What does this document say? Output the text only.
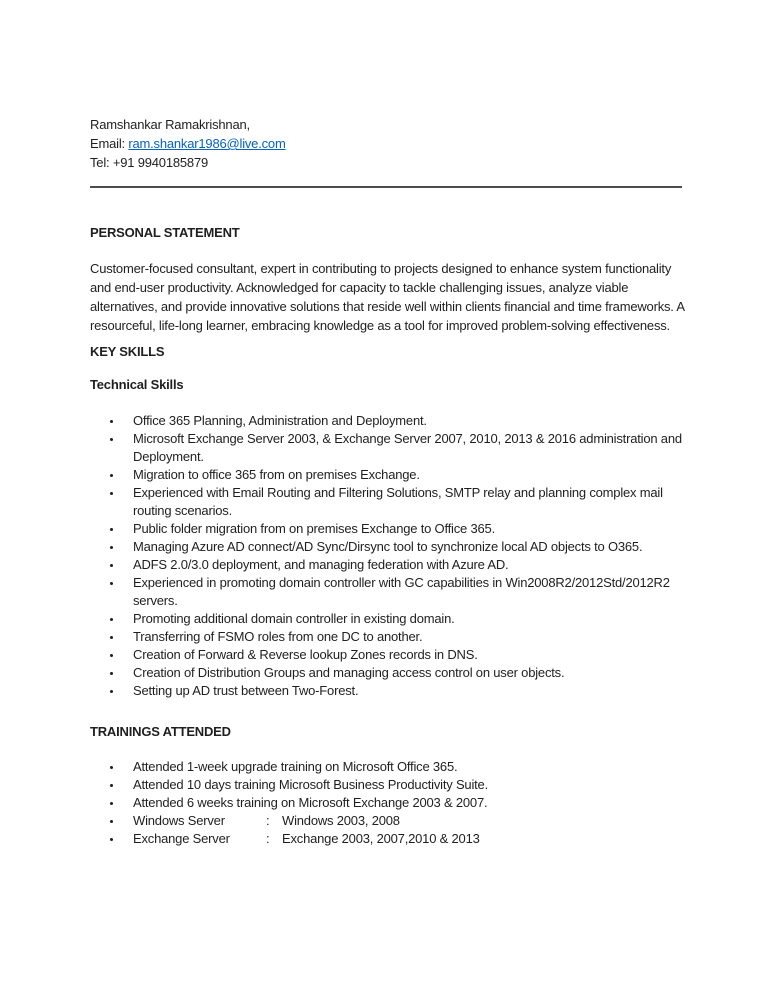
Ramshankar Ramakrishnan,
Email: ram.shankar1986@live.com
Tel: +91 9940185879
PERSONAL STATEMENT

Customer-focused consultant, expert in contributing to projects designed to enhance system functionality and end-user productivity. Acknowledged for capacity to tackle challenging issues, analyze viable alternatives, and provide innovative solutions that reside well within clients financial and time frameworks. A resourceful, life-long learner, embracing knowledge as a tool for improved problem-solving effectiveness.

KEY SKILLS
Technical Skills
• Office 365 Planning, Administration and Deployment.
• Microsoft Exchange Server 2003, & Exchange Server 2007, 2010, 2013 & 2016 administration and Deployment.
• Migration to office 365 from on premises Exchange.
• Experienced with Email Routing and Filtering Solutions, SMTP relay and planning complex mail routing scenarios.
• Public folder migration from on premises Exchange to Office 365.
• Managing Azure AD connect/AD Sync/Dirsync tool to synchronize local AD objects to O365.
• ADFS 2.0/3.0 deployment, and managing federation with Azure AD.
• Experienced in promoting domain controller with GC capabilities in Win2008R2/2012Std/2012R2 servers.
• Promoting additional domain controller in existing domain.
• Transferring of FSMO roles from one DC to another.
• Creation of Forward & Reverse lookup Zones records in DNS.
• Creation of Distribution Groups and managing access control on user objects.
• Setting up AD trust between Two-Forest.
TRAININGS ATTENDED
• Attended 1-week upgrade training on Microsoft Office 365.
• Attended 10 days training Microsoft Business Productivity Suite.
• Attended 6 weeks training on Microsoft Exchange 2003 & 2007.
• Windows Server	: Windows 2003, 2008
• Exchange Server	: Exchange 2003, 2007,2010 & 2013
